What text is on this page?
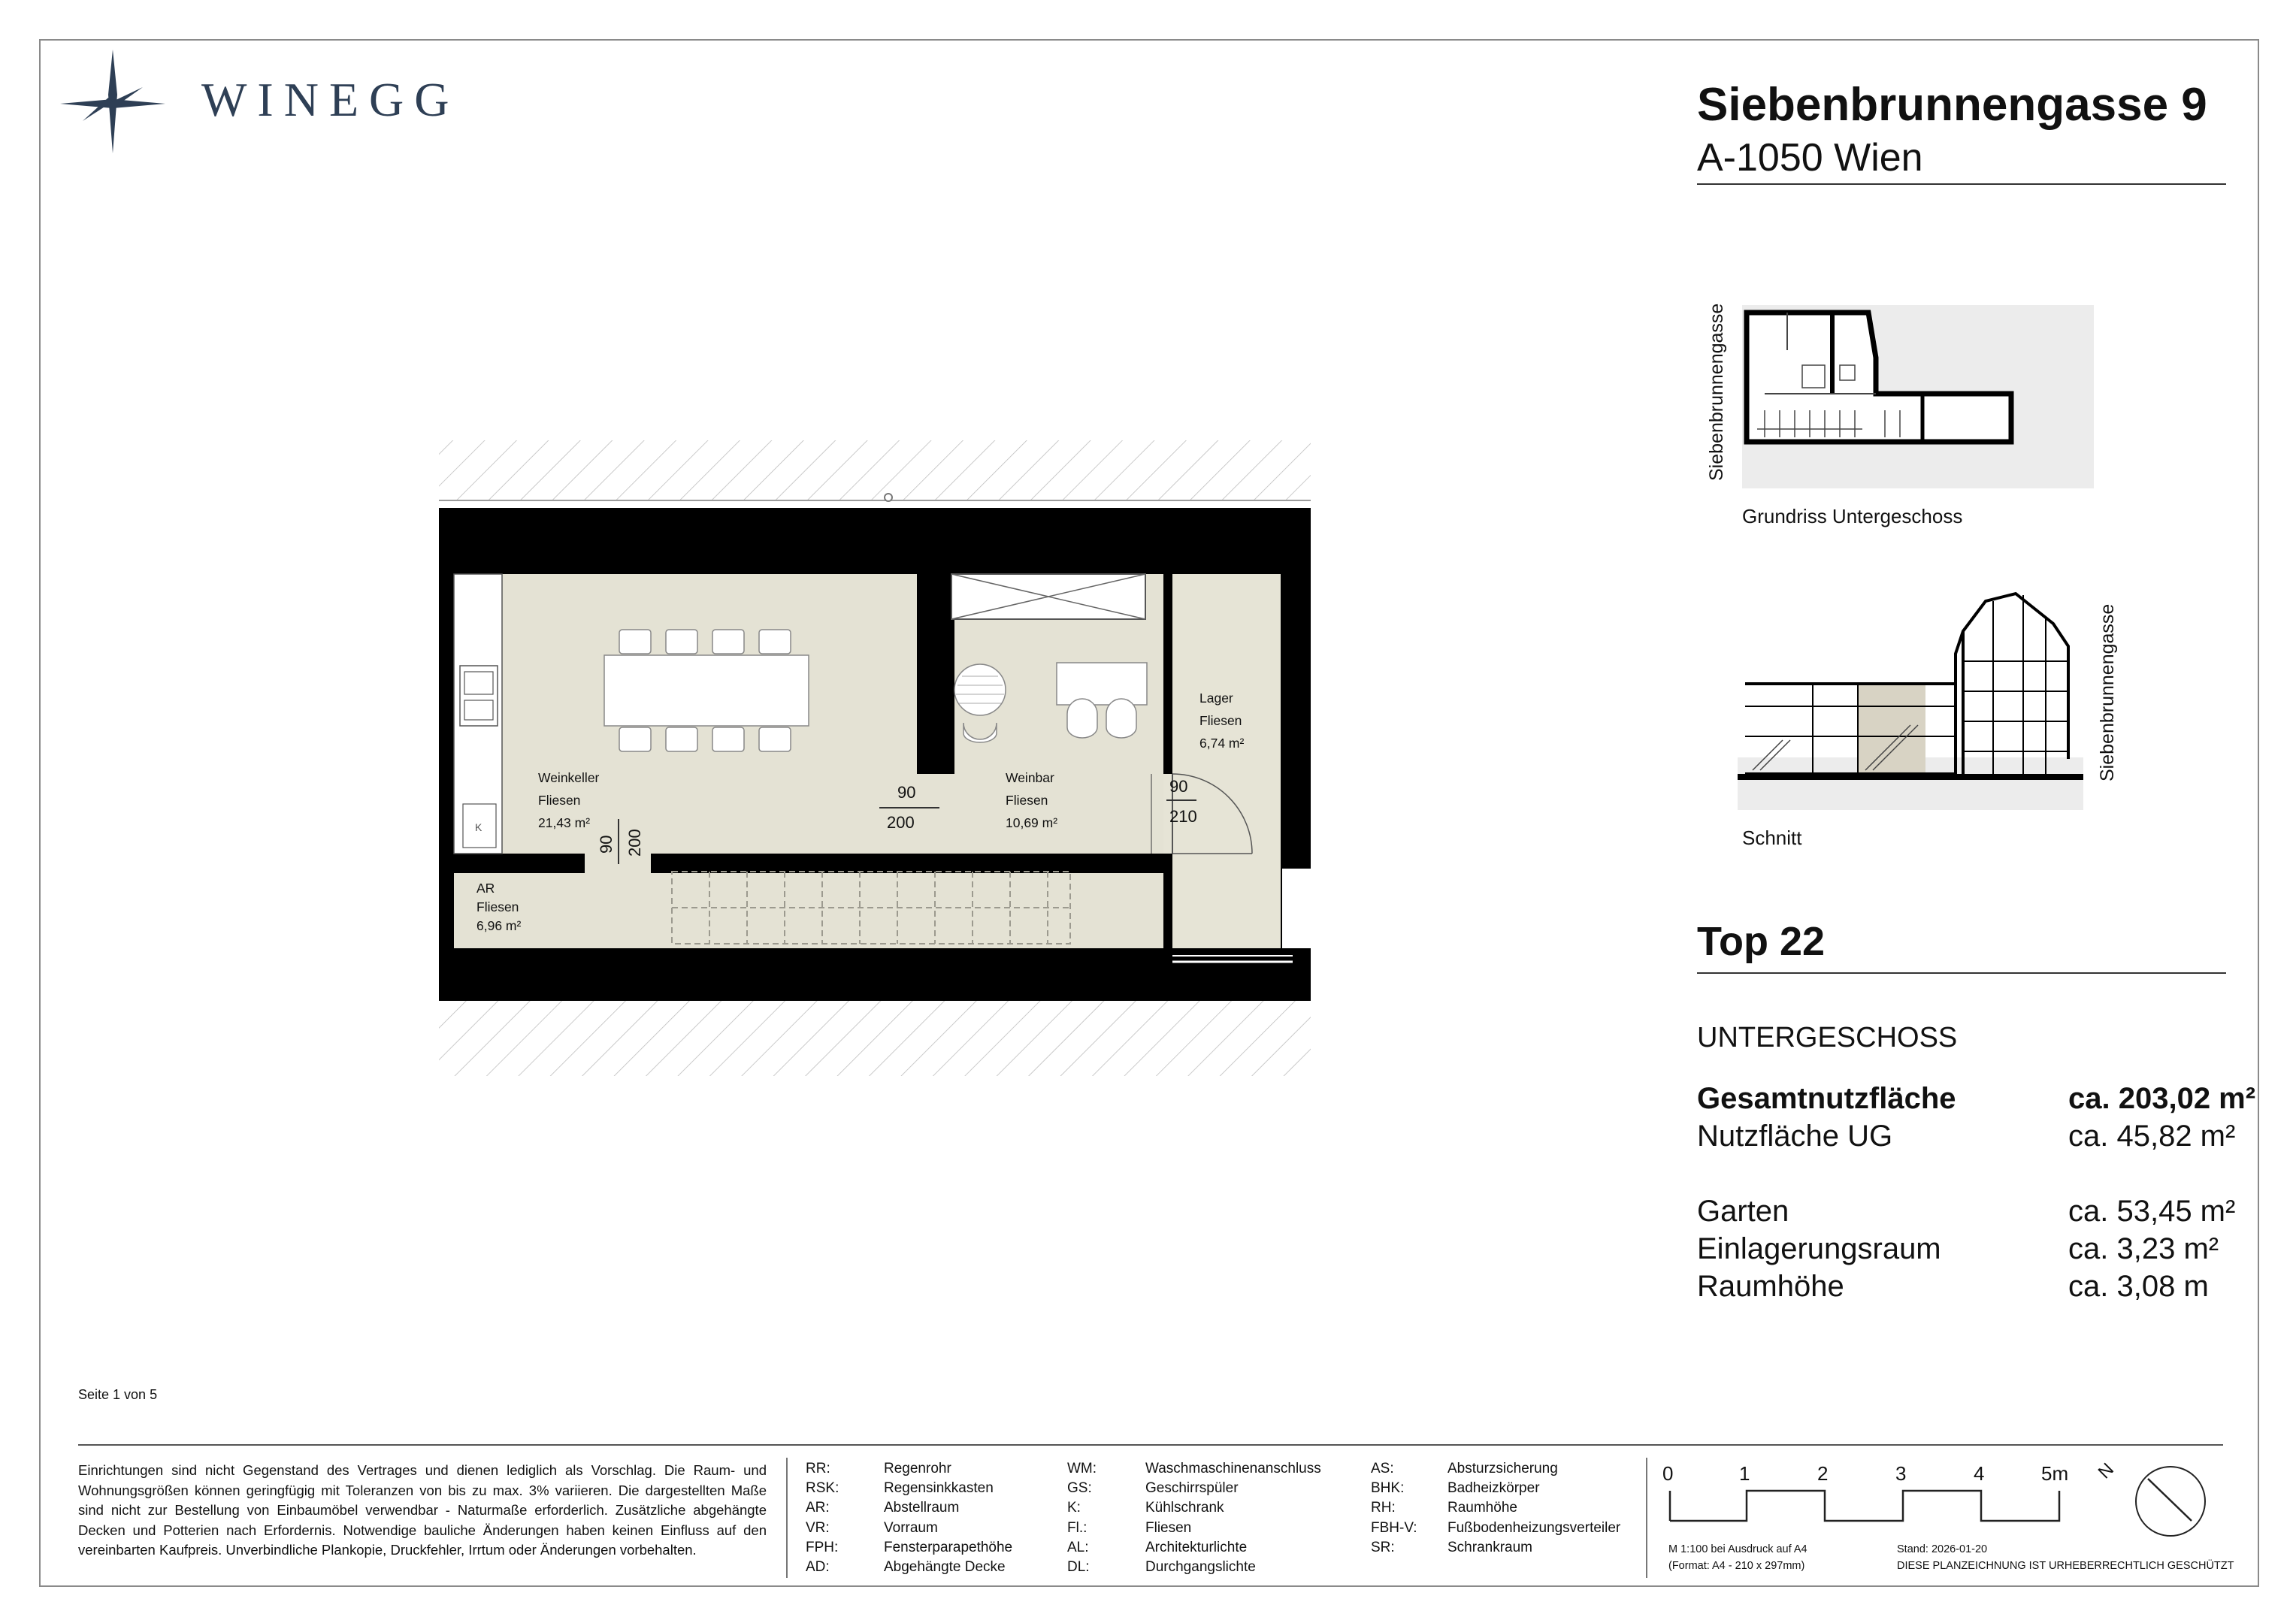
WINEGG	Siebenbrunnengasse 9
A-1050 Wien
Siebenbrunnengasse
Grundriss Untergeschoss
Siebenbrunnengasse
Schnitt
Top 22
UNTERGESCHOSS
Gesamtnutzfläche	ca. 203,02 m²
Nutzfläche UG	ca. 45,82 m²
Garten	ca. 53,45 m²
Einlagerungsraum	ca. 3,23 m²
Raumhöhe	ca. 3,08 m
K
Weinkeller
Fliesen
21,43 m²
Weinbar
Fliesen
10,69 m²
Lager
Fliesen
6,74 m²
AR
Fliesen
6,96 m²
90
200
90
210
90 200
Seite 1 von 5
Einrichtungen sind nicht Gegenstand des Vertrages und dienen lediglich als Vorschlag. Die Raum- und Wohnungsgrößen können geringfügig mit Toleranzen von bis zu max. 3% variieren. Die dargestellten Maße sind nicht zur Bestellung von Einbaumöbel verwendbar - Naturmaße erforderlich. Zusätzliche abgehängte Decken und Potterien nach Erfordernis. Notwendige bauliche Änderungen haben keinen Einfluss auf den vereinbarten Kaufpreis. Unverbindliche Plankopie, Druckfehler, Irrtum oder Änderungen vorbehalten.
RR:	Regenrohr
RSK:	Regensinkkasten
AR:	Abstellraum
VR:	Vorraum
FPH:	Fensterparapethöhe
AD:	Abgehängte Decke
WM:	Waschmaschinenanschluss
GS:	Geschirrspüler
K:	Kühlschrank
Fl.:	Fliesen
AL:	Architekturlichte
DL:	Durchgangslichte
AS:	Absturzsicherung
BHK:	Badheizkörper
RH:	Raumhöhe
FBH-V: Fußbodenheizungsverteiler
SR:	Schrankraum
0	1	2	3	4	5m
M 1:100 bei Ausdruck auf A4
(Format: A4 - 210 x 297mm)
Stand: 2026-01-20
DIESE PLANZEICHNUNG IST URHEBERRECHTLICH GESCHÜTZT
N
